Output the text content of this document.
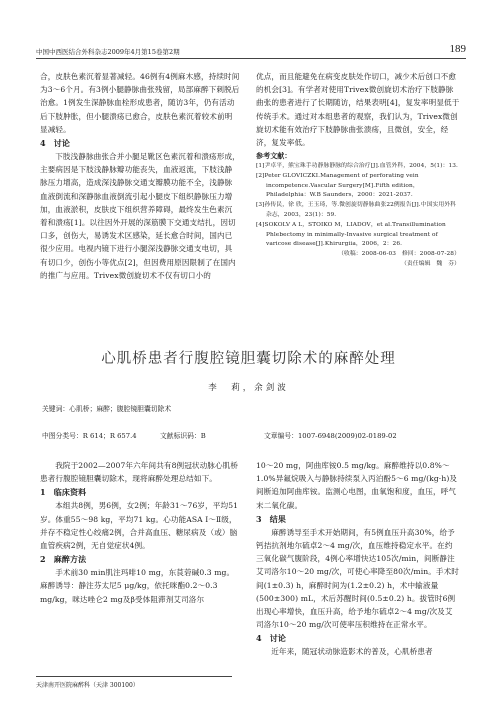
中国中西医结合外科杂志2009年4月第15卷第2期	189

合，皮肤色素沉着显著减轻。46例有4例麻木感，持续时间为3～6个月。有3例小腿静脉曲张残留，局部麻醉下刺脱后治愈。1例发生深静脉血栓形成患者，随访3年，仍有活动后下肢肿胀，但小腿溃疡已愈合，皮肤色素沉着较术前明显减轻。

4　讨论

下肢浅静脉曲张合并小腿足靴区色素沉着和溃疡形成，主要病因是下肢浅静脉瓣功能丧失，血液返流，下肢浅静脉压力增高，造成深浅静脉交通支瓣膜功能不全，浅静脉血液倒流和深静脉血液倒流引起小腿皮下组织静脉压力增加，血液淤积，皮肤皮下组织营养障碍，最终发生色素沉着和溃疡[1]。以往因外开展的深筋膜下交通支结扎，因切口多，创伤大，易诱发术区感染，延长愈合时间，国内已很少应用。电视内镜下进行小腿深浅静脉交通支电切，具有切口少，创伤小等优点[2]，但因费用原因限制了在国内的推广与应用。Trivex微创旋切术不仅有切口小的

优点，而且能避免在病变皮肤处作切口，减少术后创口不愈的机会[3]。有学者对使用Trivex微创旋切术治疗下肢静脉曲张的患者进行了长期随访，结果表明[4]，复发率明显低于传统手术。通过对本组患者的观察，我们认为，Trivex微创旋切术能有效治疗下肢静脉曲张溃疡，且微创，安全，经济，复发率低。

参考文献：
[1]尹卓平，熊宝珠手功静脉静脉的综合治疗[J].血管外科，2004，5(1)：13.
[2]Peter GLOVICZKI.Management of perforating vein incompetence.Vascular Surgery[M].Fifth edition，Philadelphia：W.B Saunders，2000：2021-2037.
[3]孙传民，徐 欣，王玉琦，等.微创旋切静脉曲张22例报告[J].中国实用外科杂志，2003，23(1)：59.
[4]SOKOLV A L，STOIKO M，LIADOV，et al.Transillumination Phlebectomy in minimally-Invasive surgical treatment of varicose disease[J].Khirurgiia，2006，2：26.
（收稿：2008-06-03　修回：2008-07-28）
（责任编辑　魏　芬）
心肌桥患者行腹腔镜胆囊切除术的麻醉处理
李　莉，余剑波
关键词：心肌桥；麻醉；腹腔镜胆囊切除术
中图分类号：R 614；R 657.4	文献标识码：B	文章编号：1007-6948(2009)02-0189-02

我院于2002—2007年六年间共有8例冠状动脉心肌桥患者行腹腔镜胆囊切除术，现将麻醉处理总结如下。

1　临床资料

本组共8例，男6例，女2例；年龄31～76岁，平均51岁。体重55～98 kg，平均71 kg。心功能ASA Ⅰ～Ⅱ级，并存不稳定性心绞痛2例，合并高血压、糖尿病及（或）脑血管疾病2例，无自觉症状4例。

2　麻醉方法

手术前30 min肌注玛啡10 mg，东莨菪碱0.3 mg。麻醉诱导：静注芬太尼5 μg/kg，依托咪酯0.2～0.3 mg/kg，咪达唑仑2 mg及β受体阻滞剂艾司洛尔

10～20 mg，阿曲库铵0.5 mg/kg。麻醉维持以0.8%～1.0%异氟烷吸入与静脉持续泵入丙泊酚5～6 mg/(kg·h)及间断追加阿曲库铵。监测心电图，血氧饱和度，血压，呼气末二氧化碳。

3　结果

麻醉诱导至手术开始期间，有5例血压升高30%，给予钙拮抗剂地尔硫卓2～4 mg/次，血压维持稳定水平。在约三氧化碳气腹阶段，4例心率增快达105次/min，间断静注艾司洛尔10～20 mg/次，可使心率降至80次/min。手术时间(1±0.3) h，麻醉时间为(1.2±0.2) h，术中输液量(500±300) mL，术后苏醒时间(0.5±0.2) h。拔管时6例出现心率增快，血压升高，给予地尔硫卓2～4 mg/次及艾司洛尔10～20 mg/次可使率压积维持在正常水平。

4　讨论

近年来，随冠状动脉造影术的普及，心肌桥患者

天津南开医院麻醉科（天津 300100）
